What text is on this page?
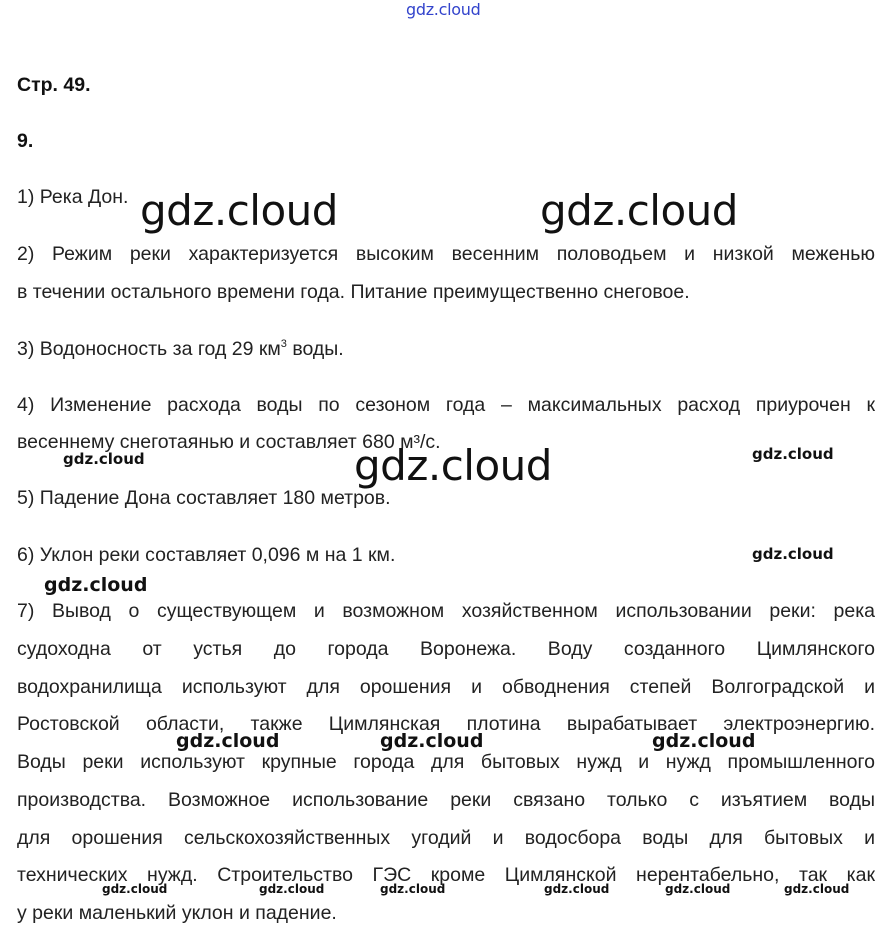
gdz.cloud
gdz.cloud	gdz.cloud
gdz.cloud
gdz.cloud	gdz.cloud
gdz.cloud
gdz.cloud
gdz.cloud	gdz.cloud	gdz.cloud
gdz.cloud	gdz.cloud	gdz.cloud	gdz.cloud	gdz.cloud	gdz.cloud
Стр. 49.
9.
1) Река Дон.
2) Режим реки характеризуется высоким весенним половодьем и низкой меженью
в течении остального времени года. Питание преимущественно снеговое.
3) Водоносность за год 29 $км^3$ воды.
4) Изменение расхода воды по сезоном года – максимальных расход приурочен к
весеннему снеготаянью и составляет 680 м³/с.
5) Падение Дона составляет 180 метров.
6) Уклон реки составляет 0,096 м на 1 км.
7) Вывод о существующем и возможном хозяйственном использовании реки: река
судоходна от устья до города Воронежа. Воду созданного Цимлянского
водохранилища используют для орошения и обводнения степей Волгоградской и
Ростовской области, также Цимлянская плотина вырабатывает электроэнергию.
Воды реки используют крупные города для бытовых нужд и нужд промышленного
производства. Возможное использование реки связано только с изъятием воды
для орошения сельскохозяйственных угодий и водосбора воды для бытовых и
технических нужд. Строительство ГЭС кроме Цимлянской нерентабельно, так как
у реки маленький уклон и падение.
